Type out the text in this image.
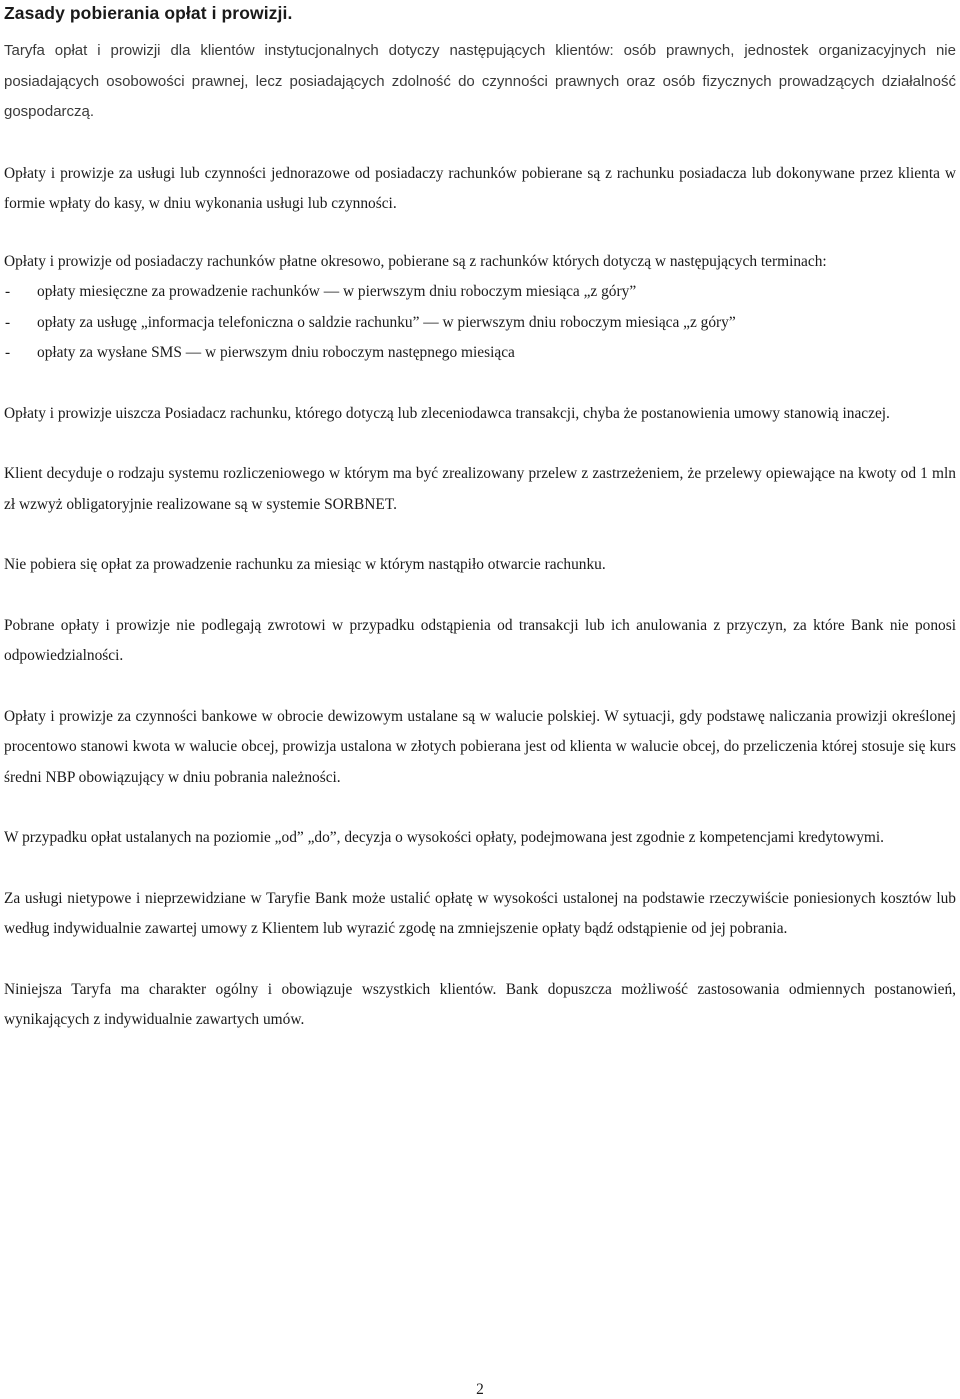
Zasady pobierania opłat i prowizji.

Taryfa opłat i prowizji dla klientów instytucjonalnych dotyczy następujących klientów: osób prawnych, jednostek organizacyjnych nie posiadających osobowości prawnej, lecz posiadających zdolność do czynności prawnych oraz osób fizycznych prowadzących działalność gospodarczą.

Opłaty i prowizje za usługi lub czynności jednorazowe od posiadaczy rachunków pobierane są z rachunku posiadacza lub dokonywane przez klienta w formie wpłaty do kasy, w dniu wykonania usługi lub czynności.

Opłaty i prowizje od posiadaczy rachunków płatne okresowo, pobierane są z rachunków których dotyczą w następujących terminach:

-	opłaty miesięczne za prowadzenie rachunków — w pierwszym dniu roboczym miesiąca „z góry”
-	opłaty za usługę „informacja telefoniczna o saldzie rachunku” — w pierwszym dniu roboczym miesiąca „z góry”
-	opłaty za wysłane SMS — w pierwszym dniu roboczym następnego miesiąca

Opłaty i prowizje uiszcza Posiadacz rachunku, którego dotyczą lub zleceniodawca transakcji, chyba że postanowienia umowy stanowią inaczej.

Klient decyduje o rodzaju systemu rozliczeniowego w którym ma być zrealizowany przelew z zastrzeżeniem, że przelewy opiewające na kwoty od 1 mln zł wzwyż obligatoryjnie realizowane są w systemie SORBNET.

Nie pobiera się opłat za prowadzenie rachunku za miesiąc w którym nastąpiło otwarcie rachunku.

Pobrane opłaty i prowizje nie podlegają zwrotowi w przypadku odstąpienia od transakcji lub ich anulowania z przyczyn, za które Bank nie ponosi odpowiedzialności.

Opłaty i prowizje za czynności bankowe w obrocie dewizowym ustalane są w walucie polskiej. W sytuacji, gdy podstawę naliczania prowizji określonej procentowo stanowi kwota w walucie obcej, prowizja ustalona w złotych pobierana jest od klienta w walucie obcej, do przeliczenia której stosuje się kurs średni NBP obowiązujący w dniu pobrania należności.

W przypadku opłat ustalanych na poziomie „od” „do”, decyzja o wysokości opłaty, podejmowana jest zgodnie z kompetencjami kredytowymi.

Za usługi nietypowe i nieprzewidziane w Taryfie Bank może ustalić opłatę w wysokości ustalonej na podstawie rzeczywiście poniesionych kosztów lub według indywidualnie zawartej umowy z Klientem lub wyrazić zgodę na zmniejszenie opłaty bądź odstąpienie od jej pobrania.

Niniejsza Taryfa ma charakter ogólny i obowiązuje wszystkich klientów. Bank dopuszcza możliwość zastosowania odmiennych postanowień, wynikających z indywidualnie zawartych umów.

2
